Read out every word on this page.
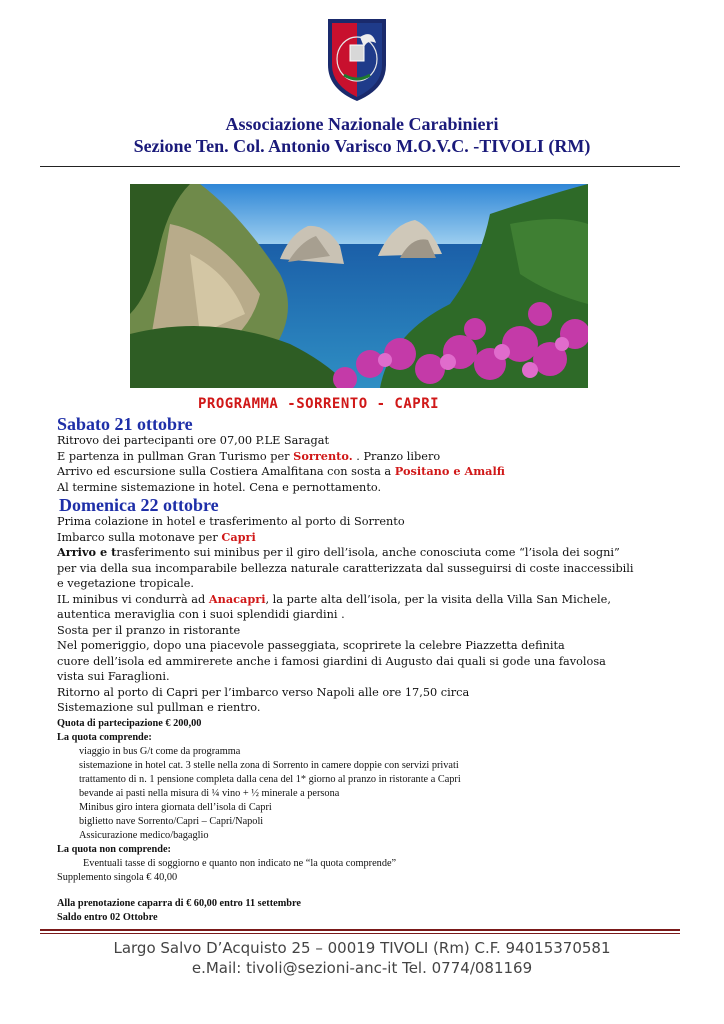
Associazione Nazionale Carabinieri
Sezione Ten. Col. Antonio Varisco M.O.V.C. -TIVOLI (RM)
PROGRAMMA -SORRENTO - CAPRI
Sabato 21 ottobre
Ritrovo dei partecipanti ore 07,00 P.LE Saragat
E partenza in pullman Gran Turismo per Sorrento. . Pranzo libero
Arrivo ed escursione sulla Costiera Amalfitana con sosta a Positano e Amalfi
Al termine sistemazione in hotel. Cena e pernottamento.
Domenica 22 ottobre
Prima colazione in hotel e trasferimento al porto di Sorrento
Imbarco sulla motonave per Capri
Arrivo e trasferimento sui minibus per il giro dell’isola, anche conosciuta come “l’isola dei sogni”
per via della sua incomparabile bellezza naturale caratterizzata dal susseguirsi di coste inaccessibili
e vegetazione tropicale.
IL minibus vi condurrà ad Anacapri, la parte alta dell’isola, per la visita della Villa San Michele,
autentica meraviglia con i suoi splendidi giardini .
Sosta per il pranzo in ristorante
Nel pomeriggio, dopo una piacevole passeggiata, scoprirete la celebre Piazzetta definita
cuore dell’isola ed ammirerete anche i famosi giardini di Augusto dai quali si gode una favolosa
vista sui Faraglioni.
Ritorno al porto di Capri per l’imbarco verso Napoli alle ore 17,50 circa
Sistemazione sul pullman e rientro.
Quota di partecipazione € 200,00
La quota comprende:
viaggio in bus G/t come da programma
sistemazione in hotel cat. 3 stelle nella zona di Sorrento in camere doppie con servizi privati
trattamento di n. 1 pensione completa dalla cena del 1* giorno al pranzo in ristorante a Capri
bevande ai pasti nella misura di ¼ vino + ½ minerale a persona
Minibus giro intera giornata dell’isola di Capri
biglietto nave Sorrento/Capri – Capri/Napoli
Assicurazione medico/bagaglio
La quota non comprende:
Eventuali tasse di soggiorno e quanto non indicato ne “la quota comprende”
Supplemento singola € 40,00
Alla prenotazione caparra di € 60,00 entro 11 settembre
Saldo entro 02 Ottobre
Largo Salvo D’Acquisto 25 – 00019 TIVOLI (Rm) C.F. 94015370581
e.Mail: tivoli@sezioni-anc-it Tel. 0774/081169
